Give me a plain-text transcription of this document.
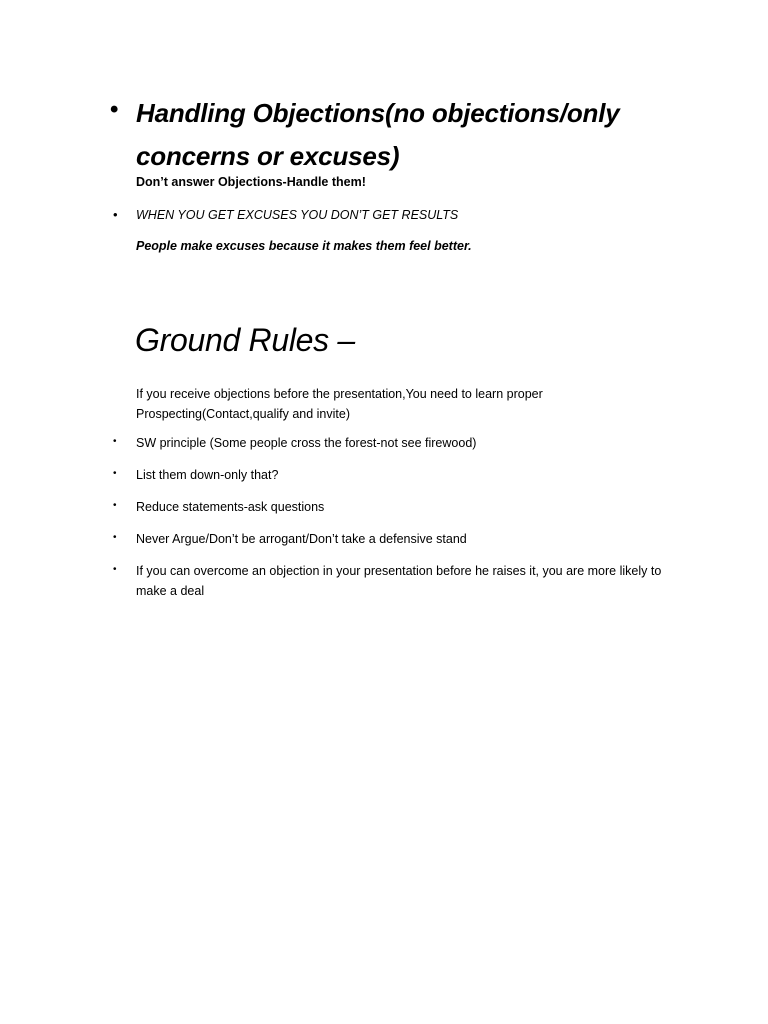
• Handling Objections(no objections/only concerns or excuses)
Don’t answer Objections-Handle them!
• WHEN YOU GET EXCUSES YOU DON’T GET RESULTS
People make excuses because it makes them feel better.
Ground Rules –
If you receive objections before the presentation,You need to learn proper Prospecting(Contact,qualify and invite)
• SW principle (Some people cross the forest-not see firewood)
• List them down-only that?
• Reduce statements-ask questions
• Never Argue/Don’t be arrogant/Don’t take a defensive stand
• If you can overcome an objection in your presentation before he raises it, you are more likely to make a deal
